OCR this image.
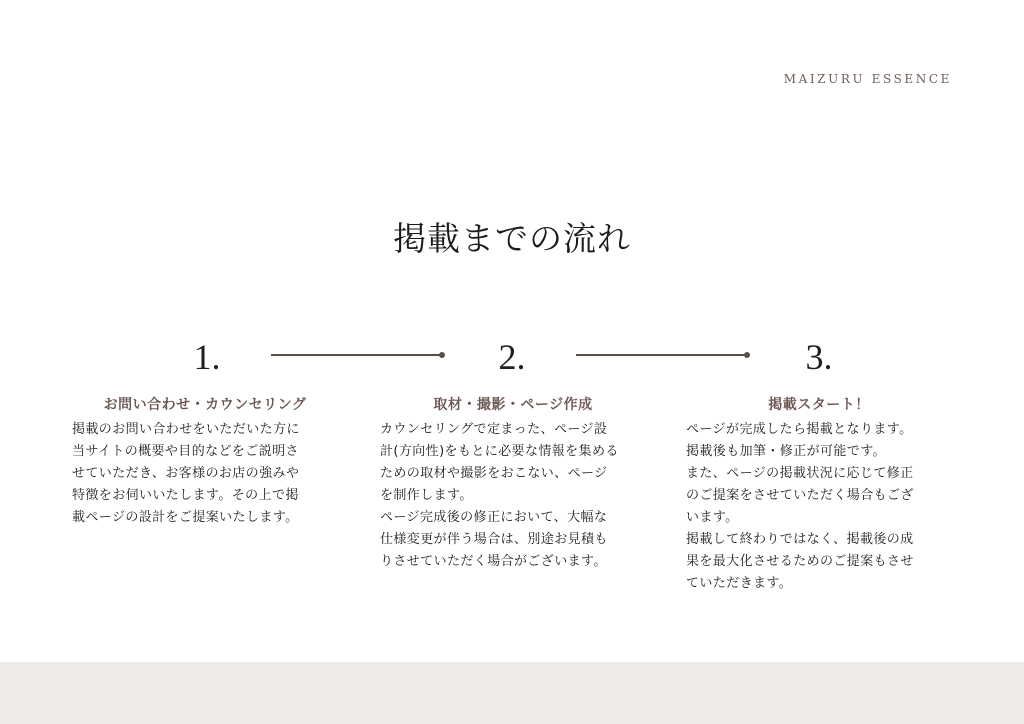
MAIZURU ESSENCE
掲載までの流れ
1.
お問い合わせ・カウンセリング
掲載のお問い合わせをいただいた方に
当サイトの概要や目的などをご説明さ
せていただき、お客様のお店の強みや
特徴をお伺いいたします。その上で掲
載ページの設計をご提案いたします。
2.
取材・撮影・ページ作成
カウンセリングで定まった、ページ設
計(方向性)をもとに必要な情報を集める
ための取材や撮影をおこない、ページ
を制作します。
ページ完成後の修正において、大幅な
仕様変更が伴う場合は、別途お見積も
りさせていただく場合がございます。
3.
掲載スタート！
ページが完成したら掲載となります。
掲載後も加筆・修正が可能です。
また、ページの掲載状況に応じて修正
のご提案をさせていただく場合もござ
います。
掲載して終わりではなく、掲載後の成
果を最大化させるためのご提案もさせ
ていただきます。
